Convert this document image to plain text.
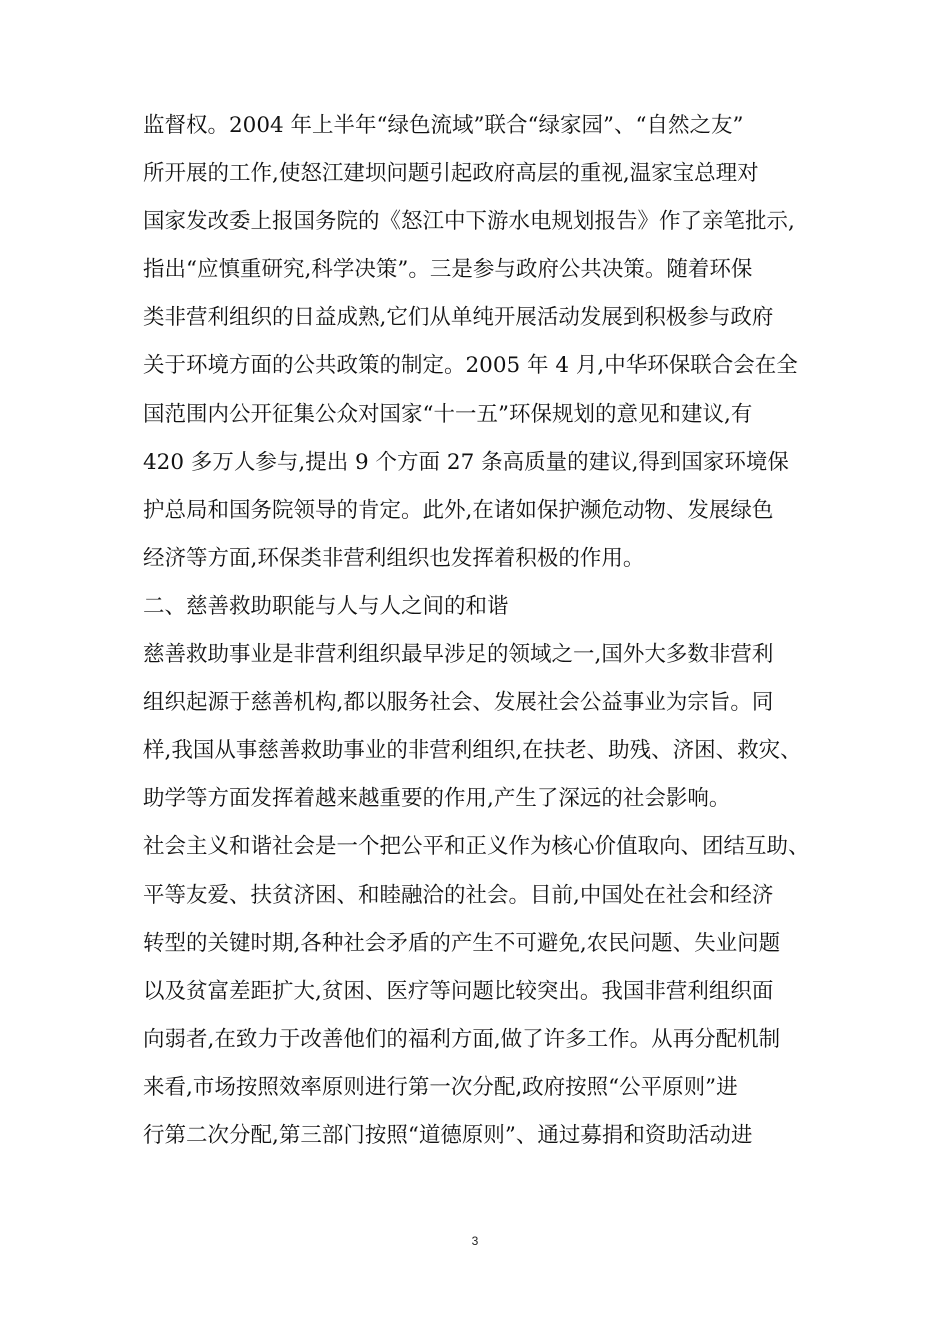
监督权。2004 年上半年“绿色流域”联合“绿家园”、“自然之友”
所开展的工作,使怒江建坝问题引起政府高层的重视,温家宝总理对
国家发改委上报国务院的《怒江中下游水电规划报告》作了亲笔批示,
指出“应慎重研究,科学决策”。三是参与政府公共决策。随着环保
类非营利组织的日益成熟,它们从单纯开展活动发展到积极参与政府
关于环境方面的公共政策的制定。2005 年 4 月,中华环保联合会在全
国范围内公开征集公众对国家“十一五”环保规划的意见和建议,有
420 多万人参与,提出 9 个方面 27 条高质量的建议,得到国家环境保
护总局和国务院领导的肯定。此外,在诸如保护濒危动物、发展绿色
经济等方面,环保类非营利组织也发挥着积极的作用。
二、慈善救助职能与人与人之间的和谐
慈善救助事业是非营利组织最早涉足的领域之一,国外大多数非营利
组织起源于慈善机构,都以服务社会、发展社会公益事业为宗旨。同
样,我国从事慈善救助事业的非营利组织,在扶老、助残、济困、救灾、
助学等方面发挥着越来越重要的作用,产生了深远的社会影响。
社会主义和谐社会是一个把公平和正义作为核心价值取向、团结互助、
平等友爱、扶贫济困、和睦融洽的社会。目前,中国处在社会和经济
转型的关键时期,各种社会矛盾的产生不可避免,农民问题、失业问题
以及贫富差距扩大,贫困、医疗等问题比较突出。我国非营利组织面
向弱者,在致力于改善他们的福利方面,做了许多工作。从再分配机制
来看,市场按照效率原则进行第一次分配,政府按照“公平原则”进
行第二次分配,第三部门按照“道德原则”、通过募捐和资助活动进
3
